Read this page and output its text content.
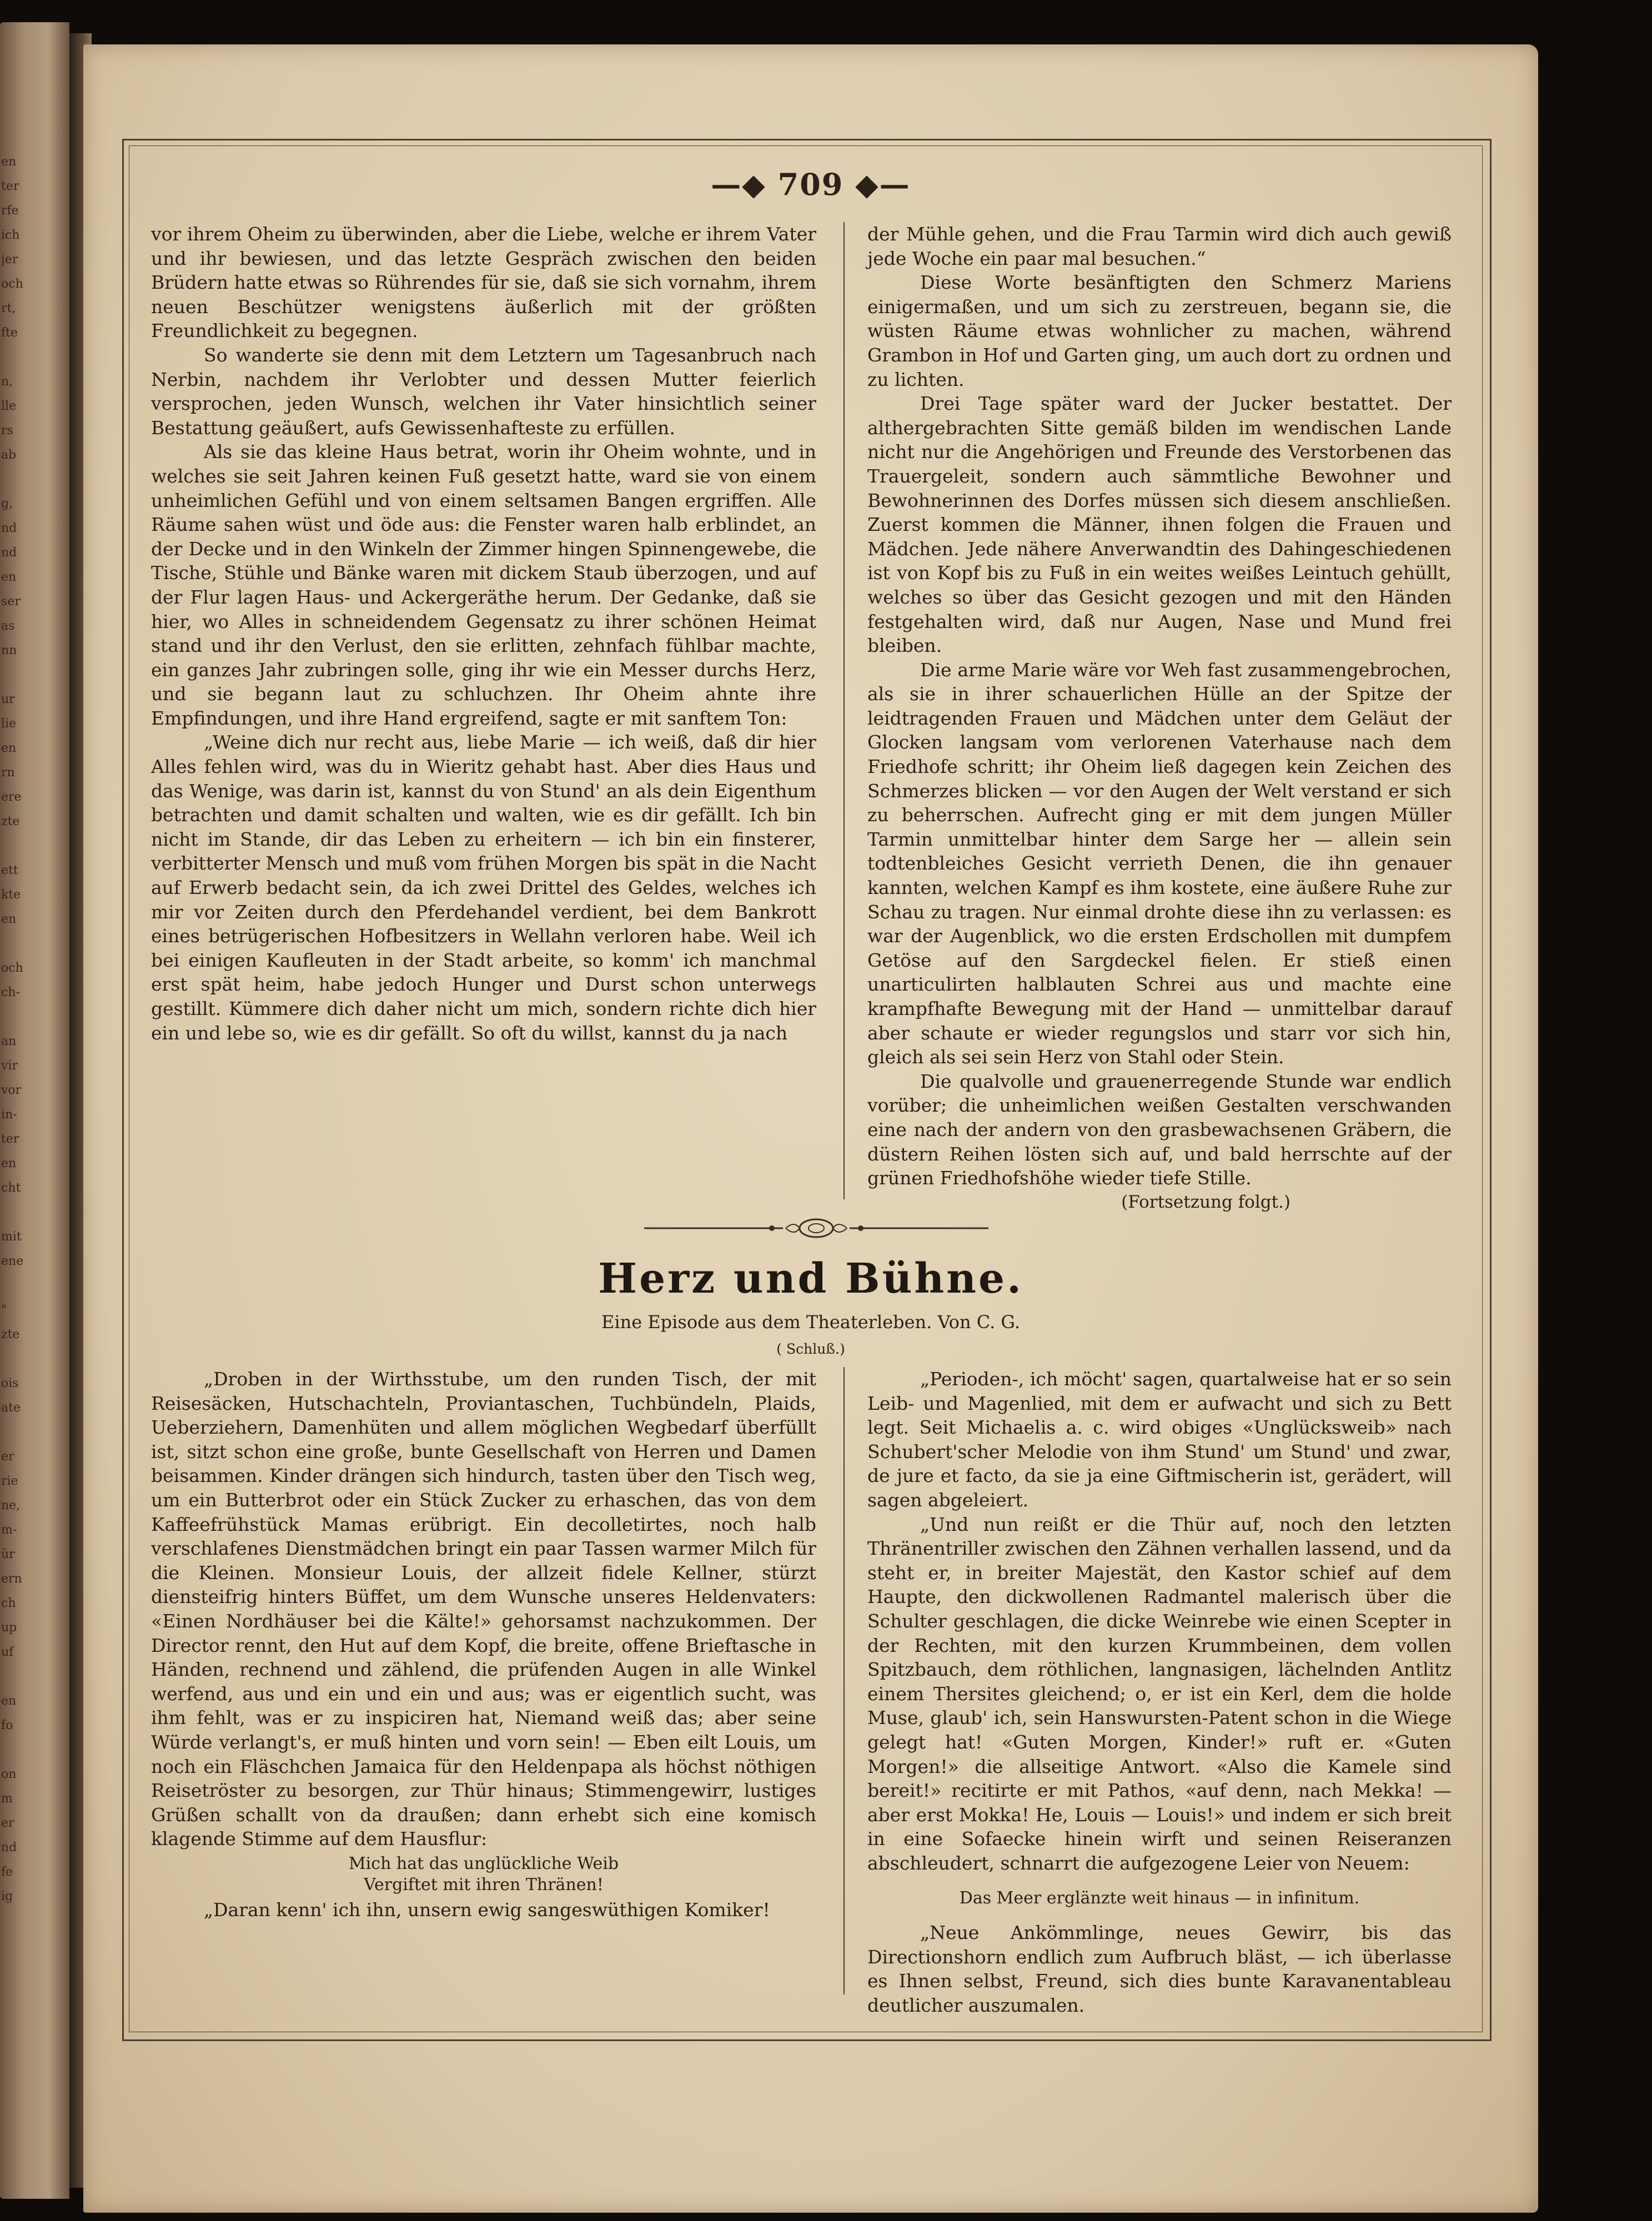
en
ter
rfe
ich
jer
och
rt,
fte

n,
lle
rs
ab

g,
nd
nd
en
ser
as
nn

ur
lie
en
rn
ere
zte

ett
kte
en

och
ch-

an
vir
vor
in-
ter
en
cht

mit
ene

"
zte

ois
ate

er
rie
ne,
m-
ür
ern
ch
up
uf

en
fo

on
m
er
nd
fe
ig
—◆ 709 ◆—

vor ihrem Oheim zu überwinden, aber die Liebe, welche er ihrem Vater und ihr bewiesen, und das letzte Gespräch zwischen den beiden Brüdern hatte etwas so Rührendes für sie, daß sie sich vornahm, ihrem neuen Beschützer wenigstens äußerlich mit der größten Freundlichkeit zu begegnen.

So wanderte sie denn mit dem Letztern um Tagesanbruch nach Nerbin, nachdem ihr Verlobter und dessen Mutter feierlich versprochen, jeden Wunsch, welchen ihr Vater hinsichtlich seiner Bestattung geäußert, aufs Gewissenhafteste zu erfüllen.

Als sie das kleine Haus betrat, worin ihr Oheim wohnte, und in welches sie seit Jahren keinen Fuß gesetzt hatte, ward sie von einem unheimlichen Gefühl und von einem seltsamen Bangen ergriffen. Alle Räume sahen wüst und öde aus: die Fenster waren halb erblindet, an der Decke und in den Winkeln der Zimmer hingen Spinnengewebe, die Tische, Stühle und Bänke waren mit dickem Staub überzogen, und auf der Flur lagen Haus- und Ackergeräthe herum. Der Gedanke, daß sie hier, wo Alles in schneidendem Gegensatz zu ihrer schönen Heimat stand und ihr den Verlust, den sie erlitten, zehnfach fühlbar machte, ein ganzes Jahr zubringen solle, ging ihr wie ein Messer durchs Herz, und sie begann laut zu schluchzen. Ihr Oheim ahnte ihre Empfindungen, und ihre Hand ergreifend, sagte er mit sanftem Ton:

„Weine dich nur recht aus, liebe Marie — ich weiß, daß dir hier Alles fehlen wird, was du in Wieritz gehabt hast. Aber dies Haus und das Wenige, was darin ist, kannst du von Stund' an als dein Eigenthum betrachten und damit schalten und walten, wie es dir gefällt. Ich bin nicht im Stande, dir das Leben zu erheitern — ich bin ein finsterer, verbitterter Mensch und muß vom frühen Morgen bis spät in die Nacht auf Erwerb bedacht sein, da ich zwei Drittel des Geldes, welches ich mir vor Zeiten durch den Pferdehandel verdient, bei dem Bankrott eines betrügerischen Hofbesitzers in Wellahn verloren habe. Weil ich bei einigen Kaufleuten in der Stadt arbeite, so komm' ich manchmal erst spät heim, habe jedoch Hunger und Durst schon unterwegs gestillt. Kümmere dich daher nicht um mich, sondern richte dich hier ein und lebe so, wie es dir gefällt. So oft du willst, kannst du ja nach

der Mühle gehen, und die Frau Tarmin wird dich auch gewiß jede Woche ein paar mal besuchen.“

Diese Worte besänftigten den Schmerz Mariens einigermaßen, und um sich zu zerstreuen, begann sie, die wüsten Räume etwas wohnlicher zu machen, während Grambon in Hof und Garten ging, um auch dort zu ordnen und zu lichten.

Drei Tage später ward der Jucker bestattet. Der althergebrachten Sitte gemäß bilden im wendischen Lande nicht nur die Angehörigen und Freunde des Verstorbenen das Trauergeleit, sondern auch sämmtliche Bewohner und Bewohnerinnen des Dorfes müssen sich diesem anschließen. Zuerst kommen die Männer, ihnen folgen die Frauen und Mädchen. Jede nähere Anverwandtin des Dahingeschiedenen ist von Kopf bis zu Fuß in ein weites weißes Leintuch gehüllt, welches so über das Gesicht gezogen und mit den Händen festgehalten wird, daß nur Augen, Nase und Mund frei bleiben.

Die arme Marie wäre vor Weh fast zusammengebrochen, als sie in ihrer schauerlichen Hülle an der Spitze der leidtragenden Frauen und Mädchen unter dem Geläut der Glocken langsam vom verlorenen Vaterhause nach dem Friedhofe schritt; ihr Oheim ließ dagegen kein Zeichen des Schmerzes blicken — vor den Augen der Welt verstand er sich zu beherrschen. Aufrecht ging er mit dem jungen Müller Tarmin unmittelbar hinter dem Sarge her — allein sein todtenbleiches Gesicht verrieth Denen, die ihn genauer kannten, welchen Kampf es ihm kostete, eine äußere Ruhe zur Schau zu tragen. Nur einmal drohte diese ihn zu verlassen: es war der Augenblick, wo die ersten Erdschollen mit dumpfem Getöse auf den Sargdeckel fielen. Er stieß einen unarticulirten halblauten Schrei aus und machte eine krampfhafte Bewegung mit der Hand — unmittelbar darauf aber schaute er wieder regungslos und starr vor sich hin, gleich als sei sein Herz von Stahl oder Stein.

Die qualvolle und grauenerregende Stunde war endlich vorüber; die unheimlichen weißen Gestalten verschwanden eine nach der andern von den grasbewachsenen Gräbern, die düstern Reihen lösten sich auf, und bald herrschte auf der grünen Friedhofshöhe wieder tiefe Stille.

(Fortsetzung folgt.)

Herz und Bühne.
Eine Episode aus dem Theaterleben. Von C. G.
( Schluß.)

„Droben in der Wirthsstube, um den runden Tisch, der mit Reisesäcken, Hutschachteln, Proviantaschen, Tuchbündeln, Plaids, Ueberziehern, Damenhüten und allem möglichen Wegbedarf überfüllt ist, sitzt schon eine große, bunte Gesellschaft von Herren und Damen beisammen. Kinder drängen sich hindurch, tasten über den Tisch weg, um ein Butterbrot oder ein Stück Zucker zu erhaschen, das von dem Kaffeefrühstück Mamas erübrigt. Ein decolletirtes, noch halb verschlafenes Dienstmädchen bringt ein paar Tassen warmer Milch für die Kleinen. Monsieur Louis, der allzeit fidele Kellner, stürzt diensteifrig hinters Büffet, um dem Wunsche unseres Heldenvaters: «Einen Nordhäuser bei die Kälte!» gehorsamst nachzukommen. Der Director rennt, den Hut auf dem Kopf, die breite, offene Brieftasche in Händen, rechnend und zählend, die prüfenden Augen in alle Winkel werfend, aus und ein und ein und aus; was er eigentlich sucht, was ihm fehlt, was er zu inspiciren hat, Niemand weiß das; aber seine Würde verlangt's, er muß hinten und vorn sein! — Eben eilt Louis, um noch ein Fläschchen Jamaica für den Heldenpapa als höchst nöthigen Reisetröster zu besorgen, zur Thür hinaus; Stimmengewirr, lustiges Grüßen schallt von da draußen; dann erhebt sich eine komisch klagende Stimme auf dem Hausflur:

Mich hat das unglückliche Weib
Vergiftet mit ihren Thränen!

„Daran kenn' ich ihn, unsern ewig sangeswüthigen Komiker!

„Perioden-, ich möcht' sagen, quartalweise hat er so sein Leib- und Magenlied, mit dem er aufwacht und sich zu Bett legt. Seit Michaelis a. c. wird obiges «Unglücksweib» nach Schubert'scher Melodie von ihm Stund' um Stund' und zwar, de jure et facto, da sie ja eine Giftmischerin ist, gerädert, will sagen abgeleiert.

„Und nun reißt er die Thür auf, noch den letzten Thränentriller zwischen den Zähnen verhallen lassend, und da steht er, in breiter Majestät, den Kastor schief auf dem Haupte, den dickwollenen Radmantel malerisch über die Schulter geschlagen, die dicke Weinrebe wie einen Scepter in der Rechten, mit den kurzen Krummbeinen, dem vollen Spitzbauch, dem röthlichen, langnasigen, lächelnden Antlitz einem Thersites gleichend; o, er ist ein Kerl, dem die holde Muse, glaub' ich, sein Hanswursten-Patent schon in die Wiege gelegt hat! «Guten Morgen, Kinder!» ruft er. «Guten Morgen!» die allseitige Antwort. «Also die Kamele sind bereit!» recitirte er mit Pathos, «auf denn, nach Mekka! — aber erst Mokka! He, Louis — Louis!» und indem er sich breit in eine Sofaecke hinein wirft und seinen Reiseranzen abschleudert, schnarrt die aufgezogene Leier von Neuem:

Das Meer erglänzte weit hinaus — in infinitum.

„Neue Ankömmlinge, neues Gewirr, bis das Directionshorn endlich zum Aufbruch bläst, — ich überlasse es Ihnen selbst, Freund, sich dies bunte Karavanentableau deutlicher auszumalen.
